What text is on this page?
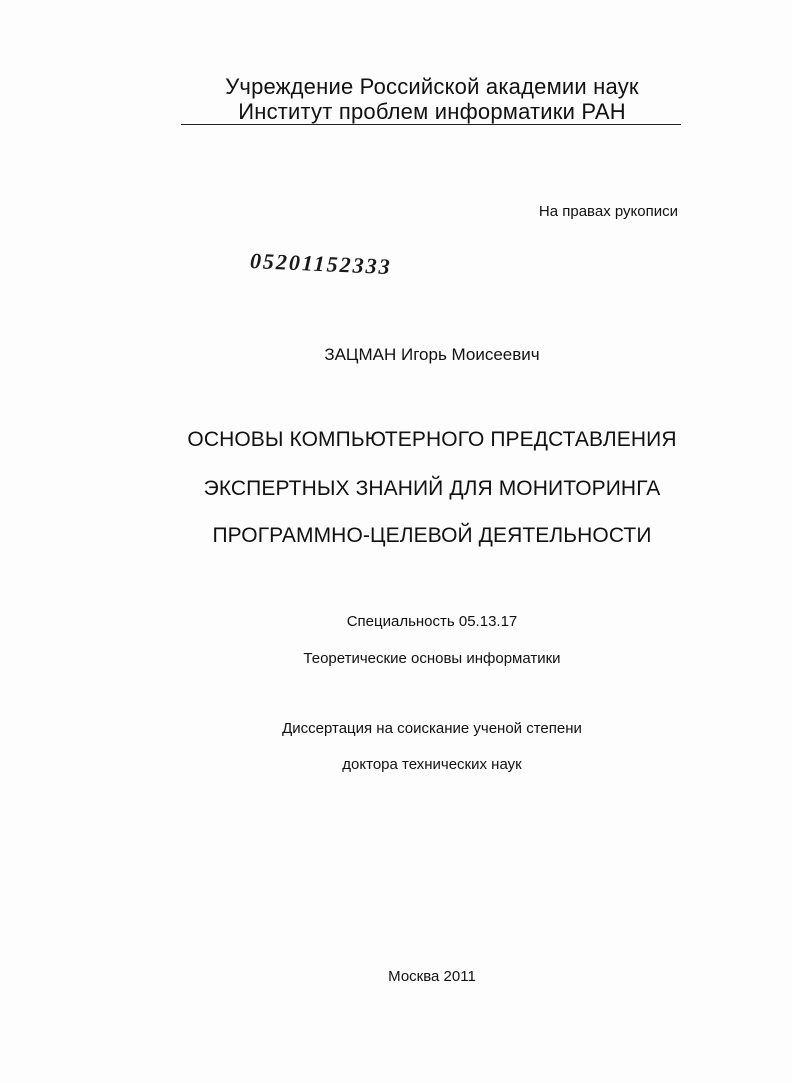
Учреждение Российской академии наук
Институт проблем информатики РАН
На правах рукописи
05201152333
ЗАЦМАН Игорь Моисеевич
ОСНОВЫ КОМПЬЮТЕРНОГО ПРЕДСТАВЛЕНИЯ
ЭКСПЕРТНЫХ ЗНАНИЙ ДЛЯ МОНИТОРИНГА
ПРОГРАММНО-ЦЕЛЕВОЙ ДЕЯТЕЛЬНОСТИ
Специальность 05.13.17
Теоретические основы информатики
Диссертация на соискание ученой степени
доктора технических наук
Москва 2011
